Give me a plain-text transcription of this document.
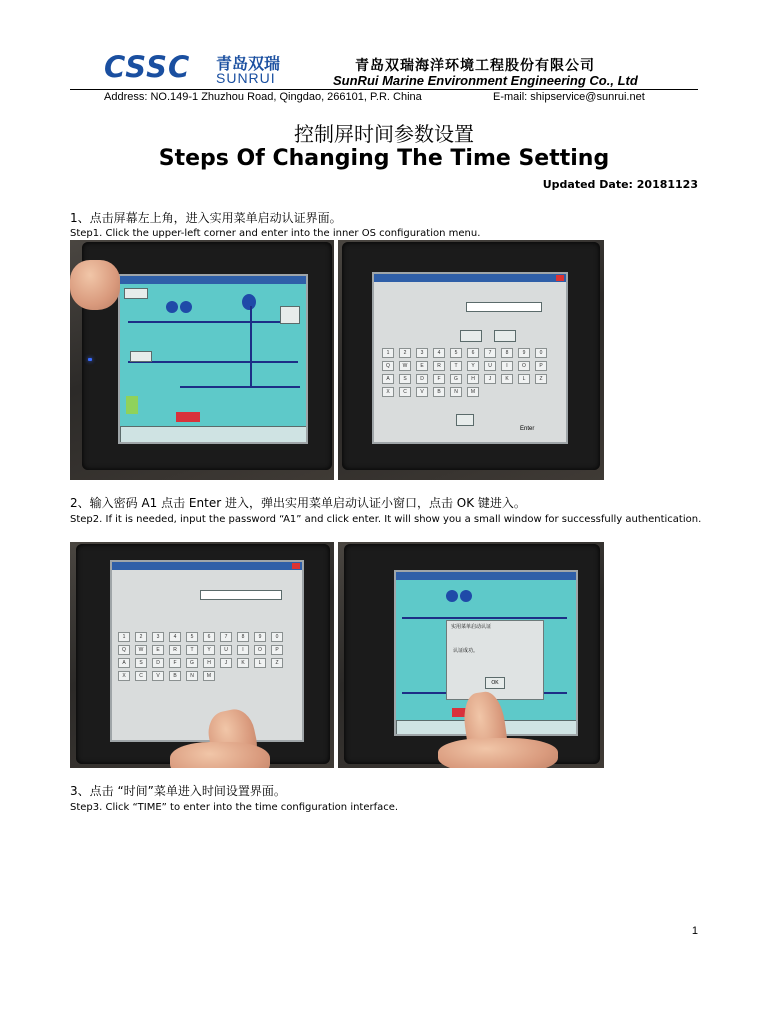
CSSC	青岛双瑞
SUNRUI
青岛双瑞海洋环境工程股份有限公司
SunRui Marine Environment Engineering Co., Ltd
Address: NO.149-1 Zhuzhou Road, Qingdao, 266101, P.R. China	E-mail: shipservice@sunrui.net
控制屏时间参数设置
Steps Of Changing The Time Setting
Updated Date: 20181123
1、点击屏幕左上角，进入实用菜单启动认证界面。
Step1. Click the upper-left corner and enter into the inner OS configuration menu.
1	2	3	4	5	6	7	8	9	0
Q	W	E	R	T	Y	U	I	O	P
A	S	D	F	G	H	J	K	L	Z
X	C	V	B	N	M
Enter
2、输入密码 A1 点击 Enter 进入，弹出实用菜单启动认证小窗口，点击 OK 键进入。
Step2. If it is needed, input the password “A1” and click enter. It will show you a small window for successfully authentication.
1	2	3	4	5	6	7	8	9	0
Q	W	E	R	T	Y	U	I	O	P
A	S	D	F	G	H	J	K	L	Z
X	C	V	B	N	M
实用菜单启动认证
认证成功。
OK
3、点击 “时间”菜单进入时间设置界面。
Step3. Click “TIME” to enter into the time configuration interface.
1
